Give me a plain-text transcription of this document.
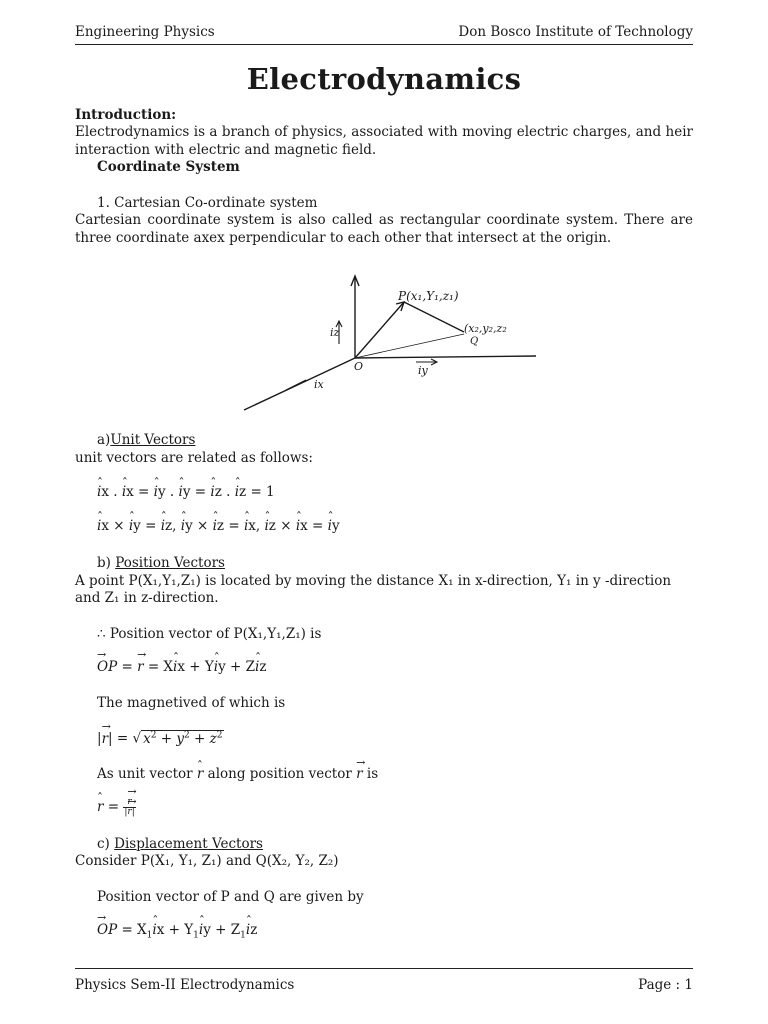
Engineering Physics	Don Bosco Institute of Technology
Electrodynamics
Introduction:
Electrodynamics is a branch of physics, associated with moving electric charges, and heir interaction with electric and magnetic field.
Coordinate System
1. Cartesian Co-ordinate system
Cartesian coordinate system is also called as rectangular coordinate system. There are three coordinate axex perpendicular to each other that intersect at the origin.
P(x₁,Y₁,z₁)
(x₂,y₂,z₂
Q
O
iz
iy
ix
a)Unit Vectors
unit vectors are related as follows:
ˆ ix . ˆ ix = ˆ iy . ˆ iy = ˆ iz . ˆ iz = 1
ˆ ix × ˆ iy = ˆ iz, ˆ iy × ˆ iz = ˆ ix, ˆ iz × ˆ ix = ˆ iy
b) Position Vectors
A point P(X₁,Y₁,Z₁) is located by moving the distance X₁ in x-direction, Y₁ in y -direction
and Z₁ in z-direction.
∴ Position vector of P(X₁,Y₁,Z₁) is
→ OP = → r = Xˆ ix + Yˆ iy + Zˆ iz
The magnetived of which is
|→ r| = √ $x^2 + y^2 + z^2$
As unit vector ˆ r along position vector → r is
ˆ r = → $\frac{r}{|\to r|}$
c) Displacement Vectors
Consider P(X₁, Y₁, Z₁) and Q(X₂, Y₂, Z₂)
Position vector of P and Q are given by
→ OP = $X_1ˆ$ ix + $Y_1ˆ$ iy + $Z_1ˆ$ iz
Physics Sem-II Electrodynamics	Page : 1
